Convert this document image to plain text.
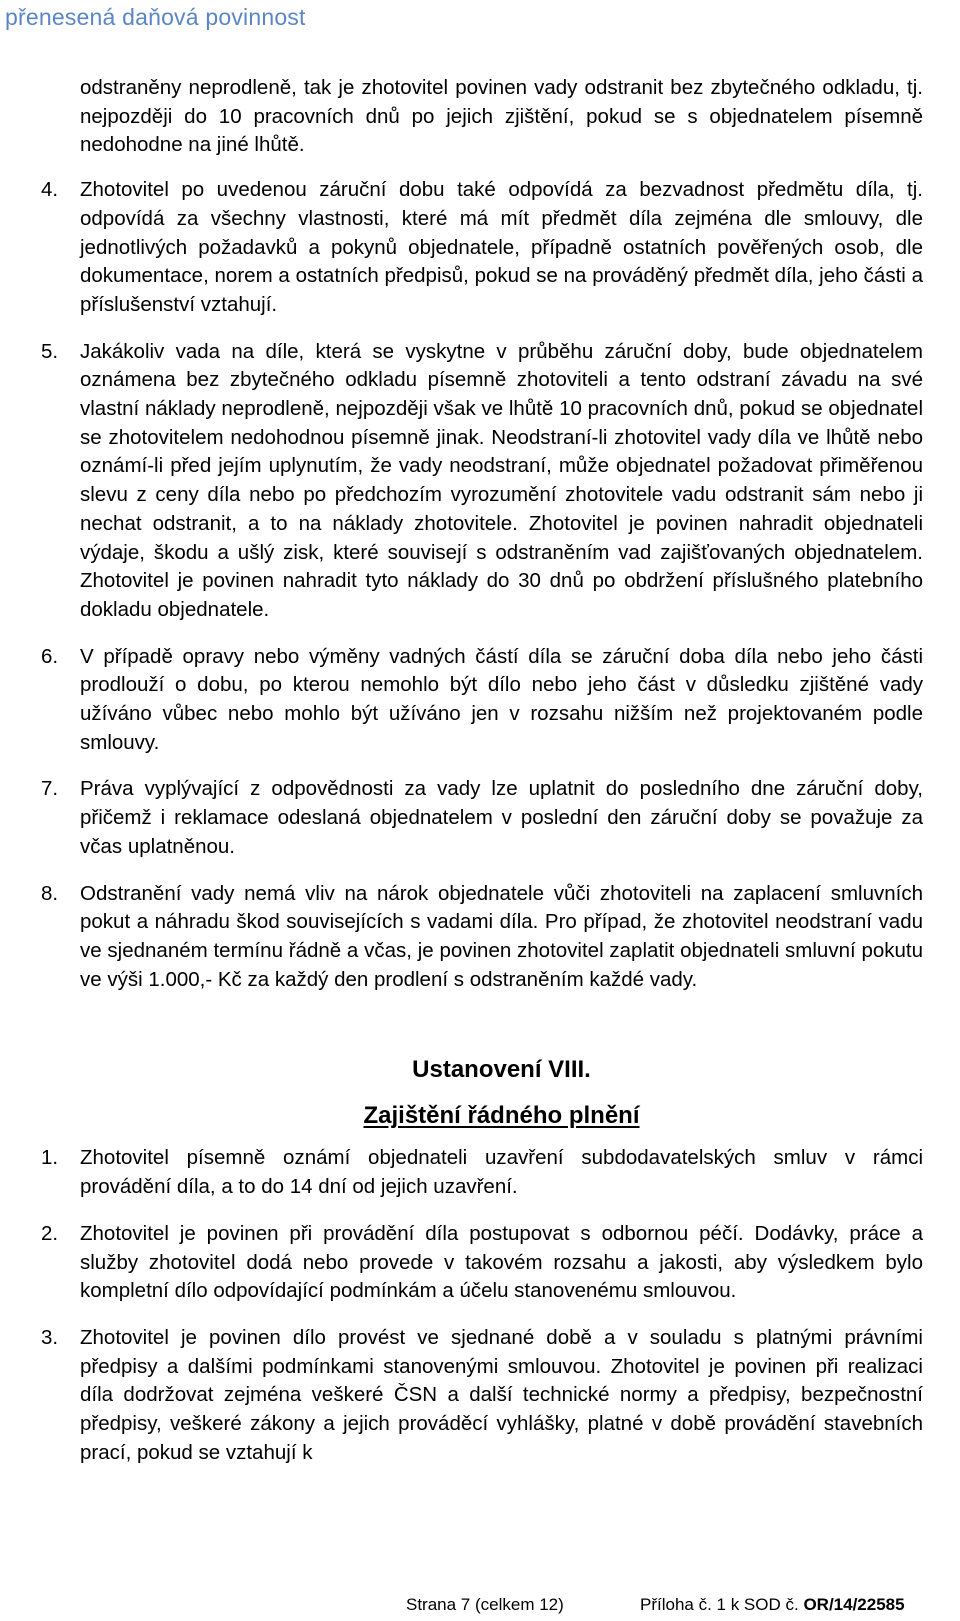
přenesená daňová povinnost
odstraněny neprodleně, tak je zhotovitel povinen vady odstranit bez zbytečného odkladu, tj. nejpozději do 10 pracovních dnů po jejich zjištění, pokud se s objednatelem písemně nedohodne na jiné lhůtě.
4. Zhotovitel po uvedenou záruční dobu také odpovídá za bezvadnost předmětu díla, tj. odpovídá za všechny vlastnosti, které má mít předmět díla zejména dle smlouvy, dle jednotlivých požadavků a pokynů objednatele, případně ostatních pověřených osob, dle dokumentace, norem a ostatních předpisů, pokud se na prováděný předmět díla, jeho části a příslušenství vztahují.
5. Jakákoliv vada na díle, která se vyskytne v průběhu záruční doby, bude objednatelem oznámena bez zbytečného odkladu písemně zhotoviteli a tento odstraní závadu na své vlastní náklady neprodleně, nejpozději však ve lhůtě 10 pracovních dnů, pokud se objednatel se zhotovitelem nedohodnou písemně jinak. Neodstraní-li zhotovitel vady díla ve lhůtě nebo oznámí-li před jejím uplynutím, že vady neodstraní, může objednatel požadovat přiměřenou slevu z ceny díla nebo po předchozím vyrozumění zhotovitele vadu odstranit sám nebo ji nechat odstranit, a to na náklady zhotovitele. Zhotovitel je povinen nahradit objednateli výdaje, škodu a ušlý zisk, které souvisejí s odstraněním vad zajišťovaných objednatelem. Zhotovitel je povinen nahradit tyto náklady do 30 dnů po obdržení příslušného platebního dokladu objednatele.
6. V případě opravy nebo výměny vadných částí díla se záruční doba díla nebo jeho části prodlouží o dobu, po kterou nemohlo být dílo nebo jeho část v důsledku zjištěné vady užíváno vůbec nebo mohlo být užíváno jen v rozsahu nižším než projektovaném podle smlouvy.
7. Práva vyplývající z odpovědnosti za vady lze uplatnit do posledního dne záruční doby, přičemž i reklamace odeslaná objednatelem v poslední den záruční doby se považuje za včas uplatněnou.
8. Odstranění vady nemá vliv na nárok objednatele vůči zhotoviteli na zaplacení smluvních pokut a náhradu škod souvisejících s vadami díla. Pro případ, že zhotovitel neodstraní vadu ve sjednaném termínu řádně a včas, je povinen zhotovitel zaplatit objednateli smluvní pokutu ve výši 1.000,- Kč za každý den prodlení s odstraněním každé vady.
Ustanovení VIII.
Zajištění řádného plnění
1. Zhotovitel písemně oznámí objednateli uzavření subdodavatelských smluv v rámci provádění díla, a to do 14 dní od jejich uzavření.
2. Zhotovitel je povinen při provádění díla postupovat s odbornou péčí. Dodávky, práce a služby zhotovitel dodá nebo provede v takovém rozsahu a jakosti, aby výsledkem bylo kompletní dílo odpovídající podmínkám a účelu stanovenému smlouvou.
3. Zhotovitel je povinen dílo provést ve sjednané době a v souladu s platnými právními předpisy a dalšími podmínkami stanovenými smlouvou. Zhotovitel je povinen při realizaci díla dodržovat zejména veškeré ČSN a další technické normy a předpisy, bezpečnostní předpisy, veškeré zákony a jejich prováděcí vyhlášky, platné v době provádění stavebních prací, pokud se vztahují k
Strana 7 (celkem 12)	Příloha č. 1 k SOD č. OR/14/22585
